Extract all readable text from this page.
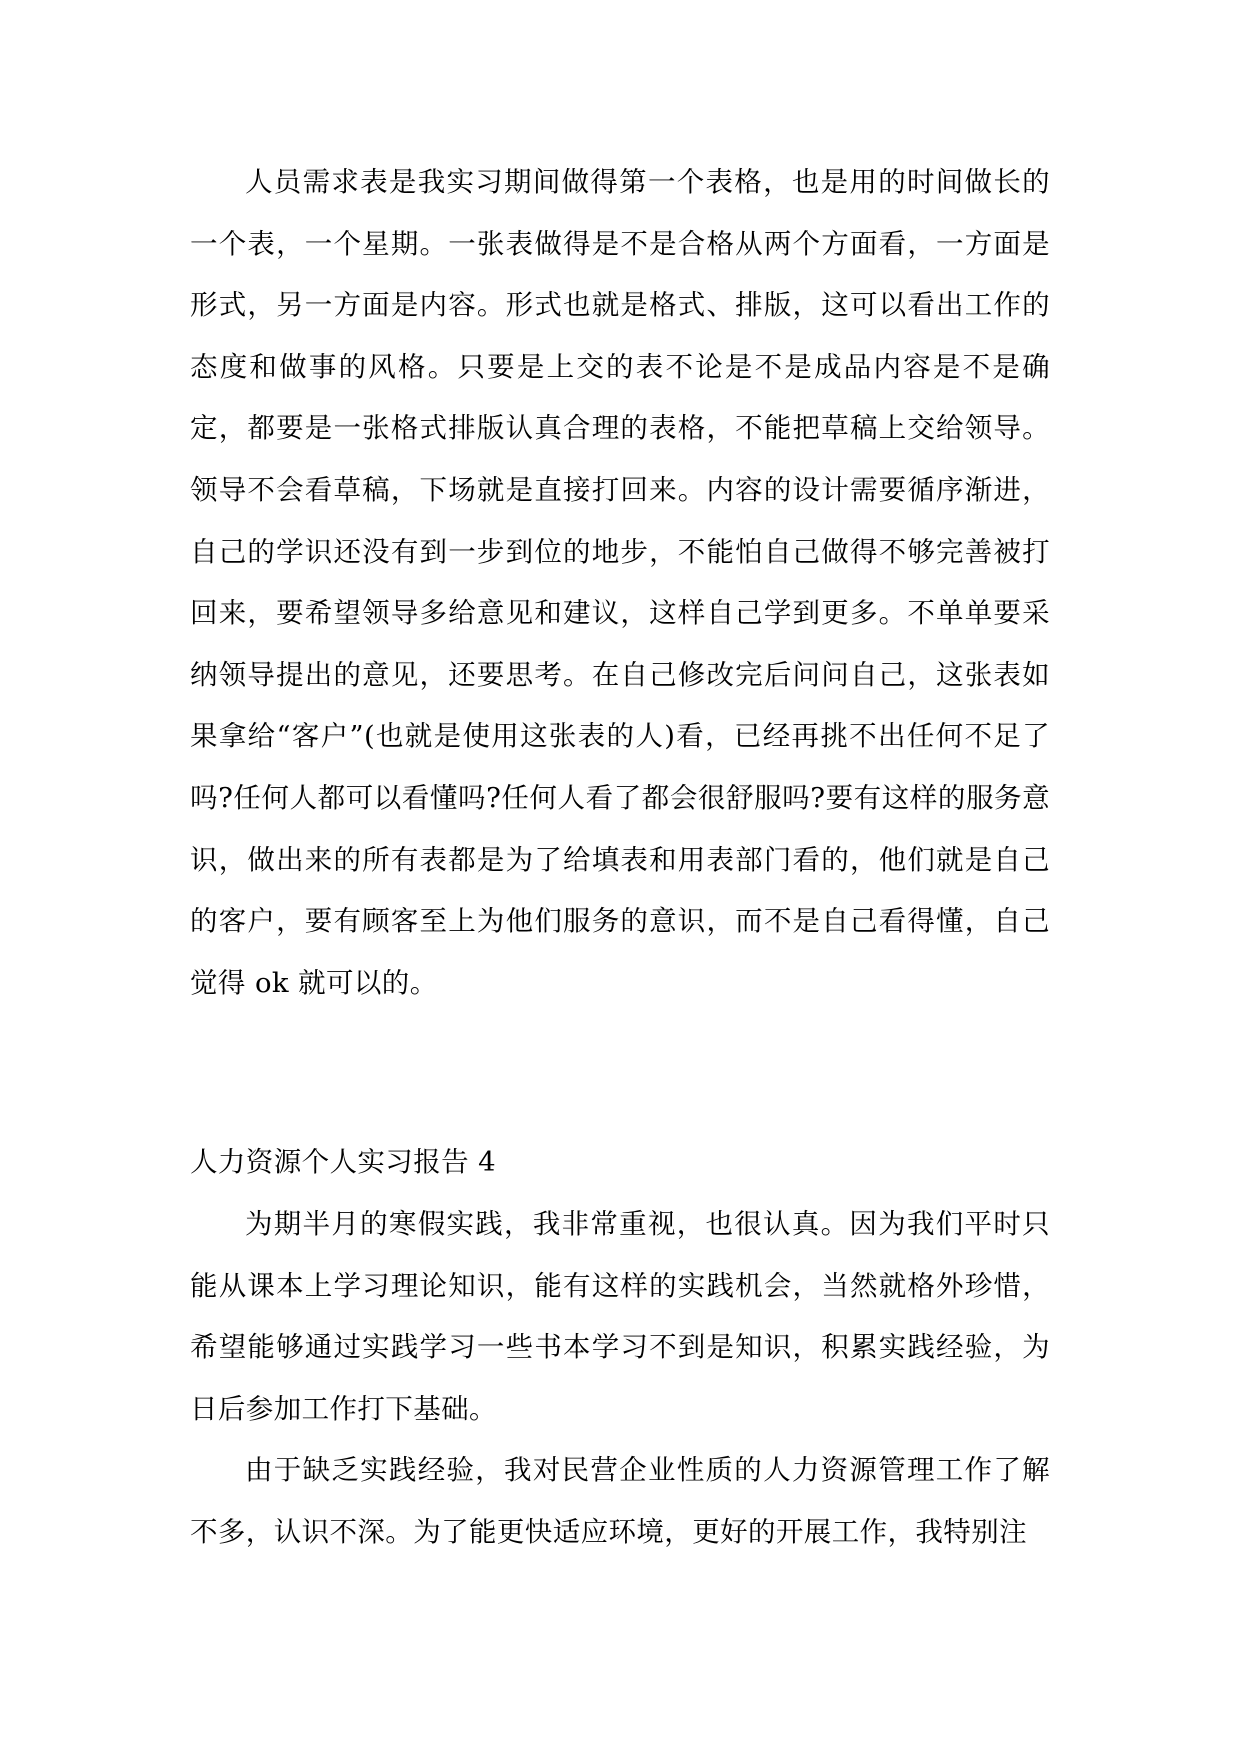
人员需求表是我实习期间做得第一个表格，也是用的时间做长的一个表，一个星期。一张表做得是不是合格从两个方面看，一方面是形式，另一方面是内容。形式也就是格式、排版，这可以看出工作的态度和做事的风格。只要是上交的表不论是不是成品内容是不是确定，都要是一张格式排版认真合理的表格，不能把草稿上交给领导。领导不会看草稿，下场就是直接打回来。内容的设计需要循序渐进，自己的学识还没有到一步到位的地步，不能怕自己做得不够完善被打回来，要希望领导多给意见和建议，这样自己学到更多。不单单要采纳领导提出的意见，还要思考。在自己修改完后问问自己，这张表如果拿给“客户”(也就是使用这张表的人)看，已经再挑不出任何不足了吗?任何人都可以看懂吗?任何人看了都会很舒服吗?要有这样的服务意识，做出来的所有表都是为了给填表和用表部门看的，他们就是自己的客户，要有顾客至上为他们服务的意识，而不是自己看得懂，自己觉得 ok 就可以的。

人力资源个人实习报告 4

为期半月的寒假实践，我非常重视，也很认真。因为我们平时只能从课本上学习理论知识，能有这样的实践机会，当然就格外珍惜，希望能够通过实践学习一些书本学习不到是知识，积累实践经验，为日后参加工作打下基础。

由于缺乏实践经验，我对民营企业性质的人力资源管理工作了解不多，认识不深。为了能更快适应环境，更好的开展工作，我特别注
